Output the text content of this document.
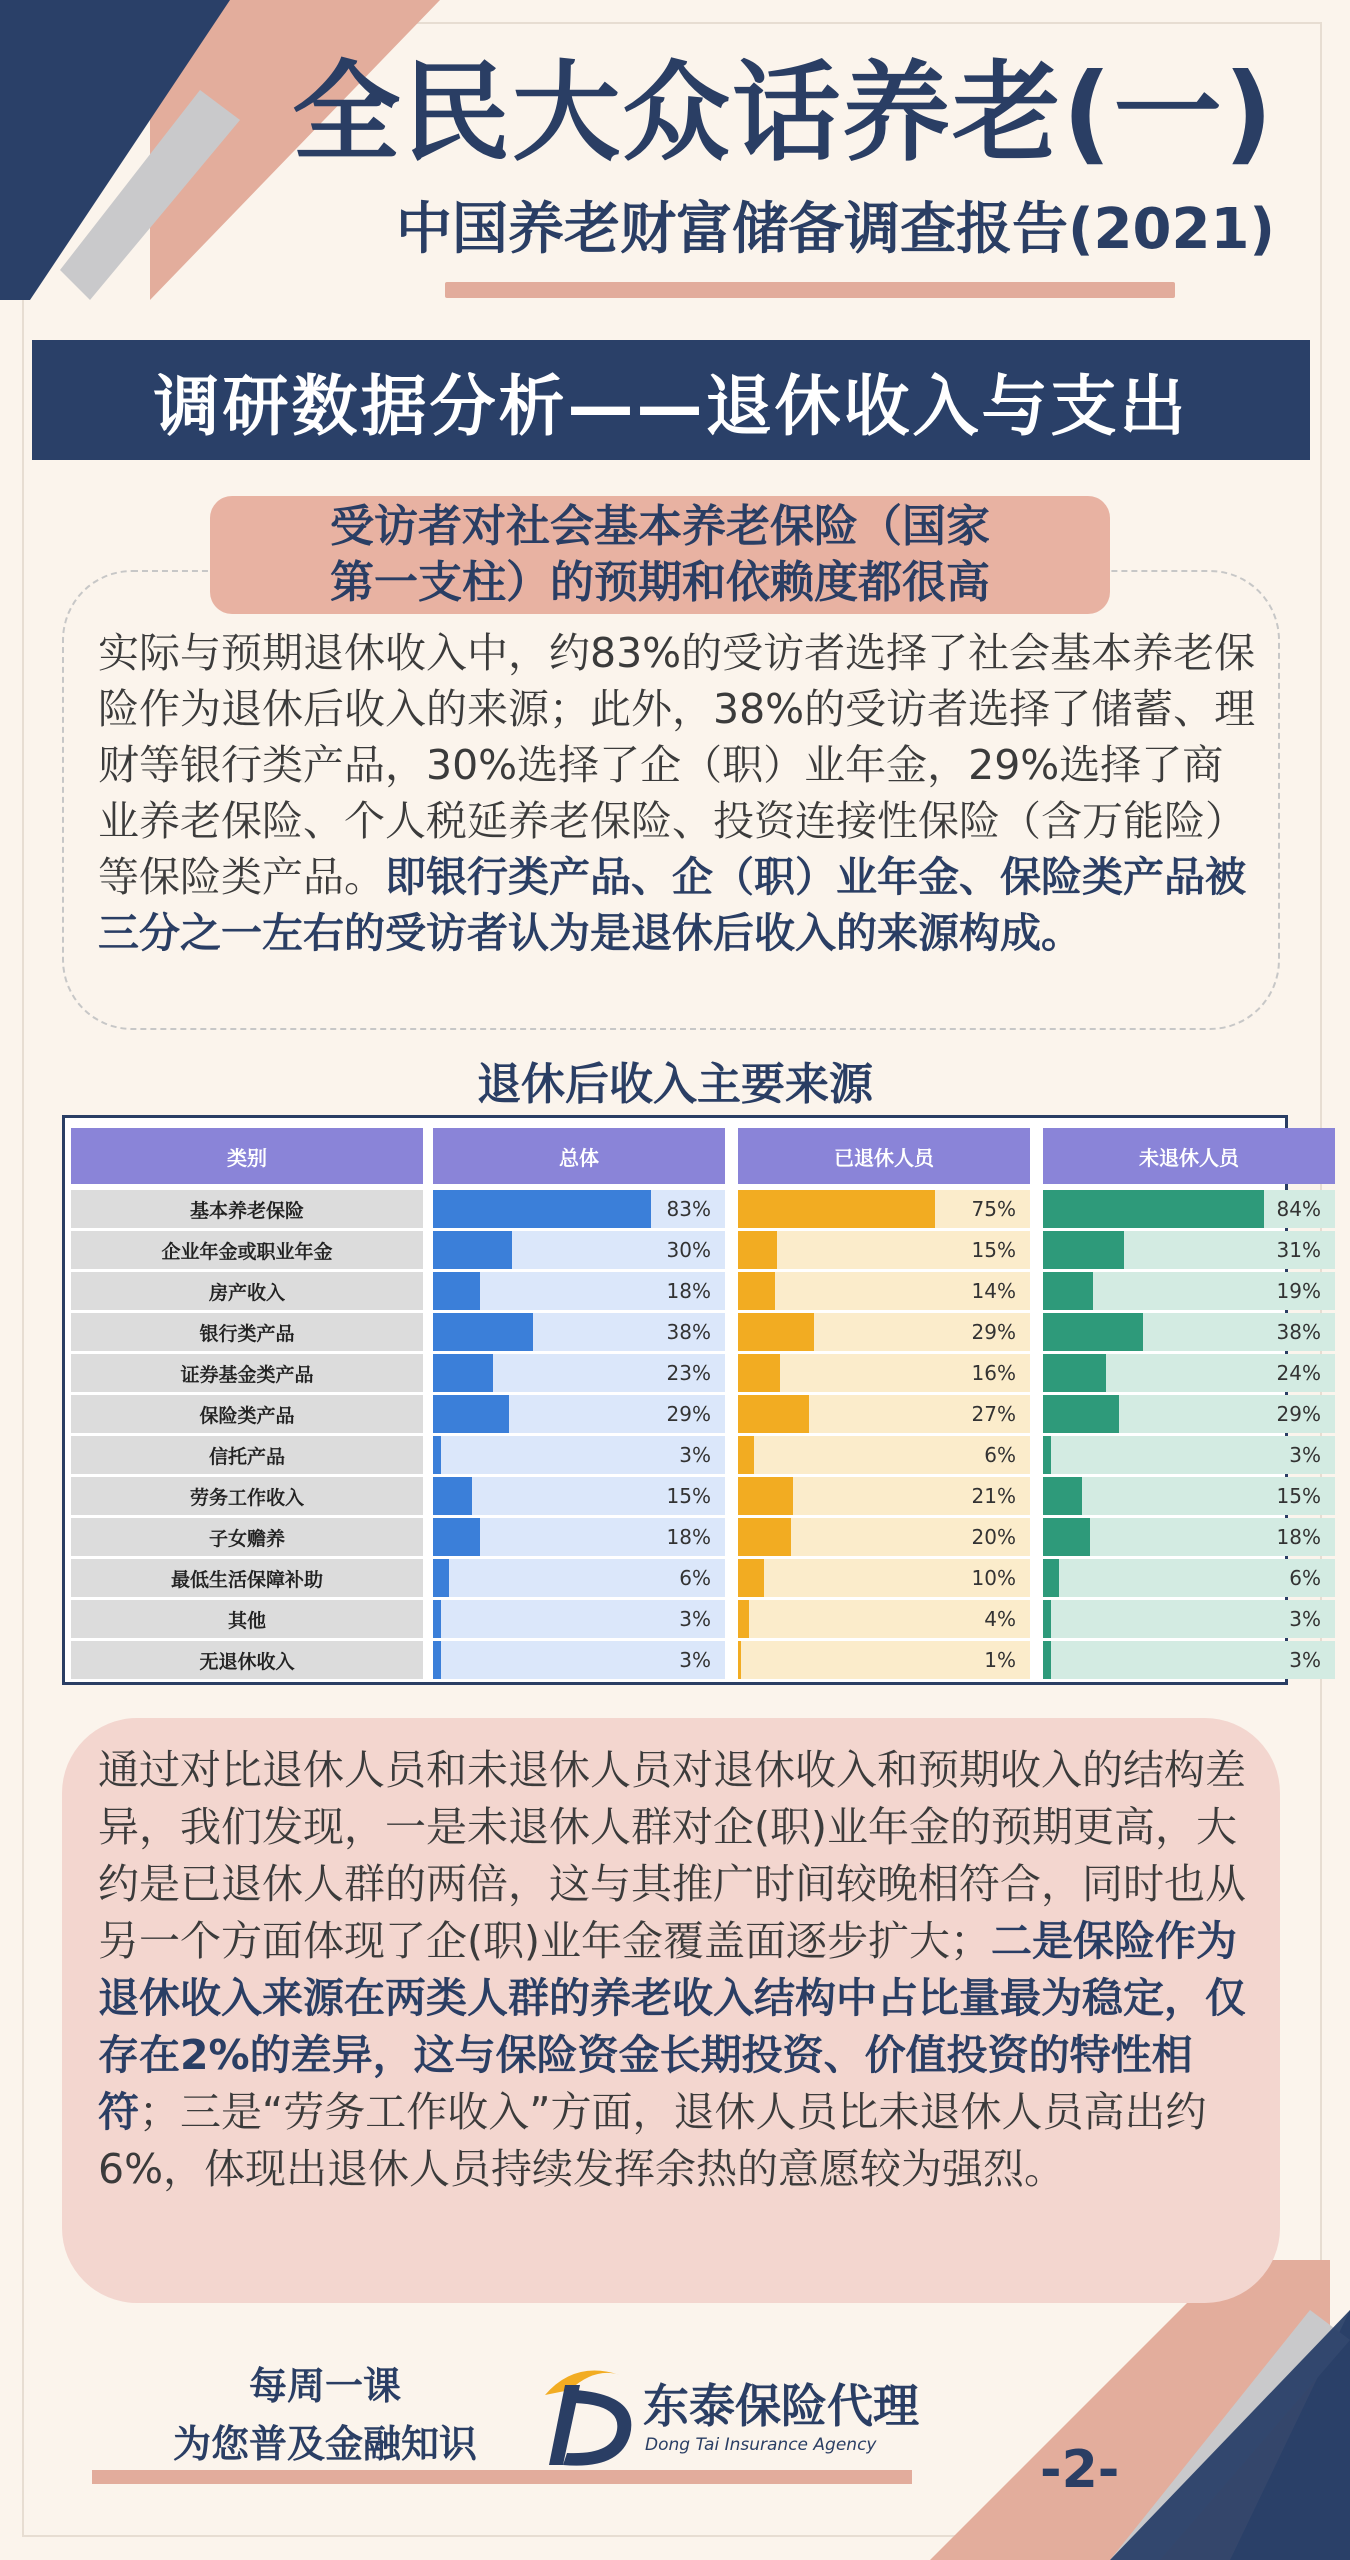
全民大众话养老(一)
中国养老财富储备调查报告(2021)
调研数据分析——退休收入与支出
受访者对社会基本养老保险（国家
第一支柱）的预期和依赖度都很高
实际与预期退休收入中，约83%的受访者选择了社会基本养老保险作为退休后收入的来源；此外，38%的受访者选择了储蓄、理财等银行类产品，30%选择了企（职）业年金，29%选择了商业养老保险、个人税延养老保险、投资连接性保险（含万能险）等保险类产品。即银行类产品、企（职）业年金、保险类产品被三分之一左右的受访者认为是退休后收入的来源构成。
退休后收入主要来源
类别	总体	已退休人员	未退休人员
基本养老保险	83%	75%	84%
企业年金或职业年金	30%	15%	31%
房产收入	18%	14%	19%
银行类产品	38%	29%	38%
证券基金类产品	23%	16%	24%
保险类产品	29%	27%	29%
信托产品	3%	6%	3%
劳务工作收入	15%	21%	15%
子女赡养	18%	20%	18%
最低生活保障补助	6%	10%	6%
其他	3%	4%	3%
无退休收入	3%	1%	3%
通过对比退休人员和未退休人员对退休收入和预期收入的结构差异，我们发现，一是未退休人群对企(职)业年金的预期更高，大约是已退休人群的两倍，这与其推广时间较晚相符合，同时也从另一个方面体现了企(职)业年金覆盖面逐步扩大；二是保险作为退休收入来源在两类人群的养老收入结构中占比量最为稳定，仅存在2%的差异，这与保险资金长期投资、价值投资的特性相符；三是“劳务工作收入”方面，退休人员比未退休人员高出约6%，体现出退休人员持续发挥余热的意愿较为强烈。
每周一课
为您普及金融知识
东泰保险代理
Dong Tai Insurance Agency	-2-
